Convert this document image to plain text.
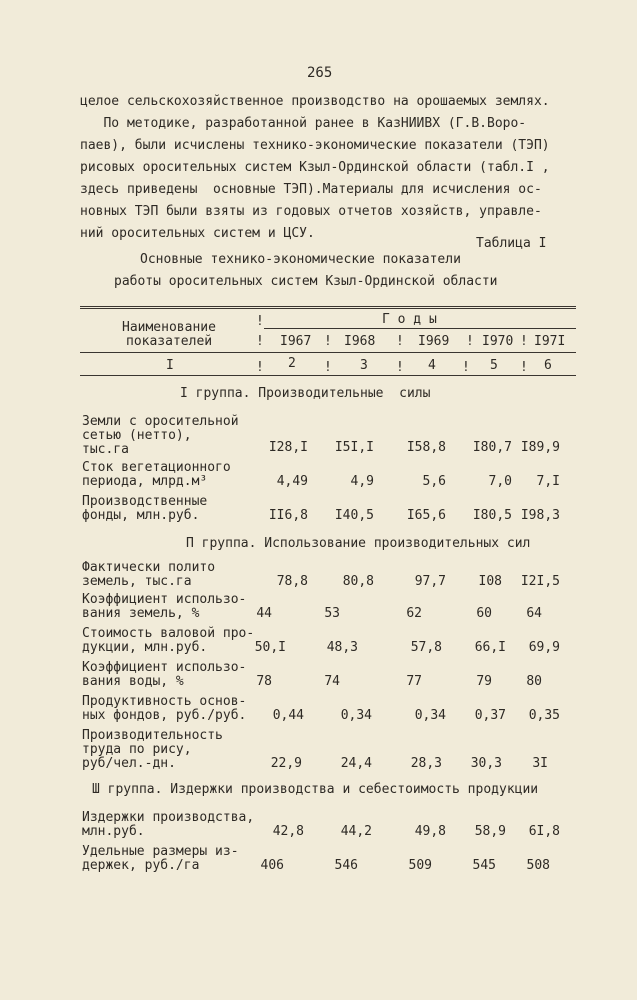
265
целое сельскохозяйственное производство на орошаемых землях.
По методике, разработанной ранее в КазНИИВХ (Г.В.Воро-
паев), были исчислены технико-экономические показатели (ТЭП)
рисовых оросительных систем Кзыл-Ординской области (табл.I ,
здесь приведены  основные ТЭП).Материалы для исчисления ос-
новных ТЭП были взяты из годовых отчетов хозяйств, управле-
ний оросительных систем и ЦСУ.
Таблица I
Основные технико-экономические показатели
работы оросительных систем Кзыл-Ординской области
Наименование
показателей
Г о д ы
!
!	!	!	!	!
I967	I968	I969	I970 I97I
I	! 2 ! 3 ! 4 ! 5 ! 6
I группа. Производительные  силы
Земли с оросительной
сетью (нетто),
тыс.га	I28,I	I5I,I	I58,8	I80,7 I89,9
Сток вегетационного
периода, млрд.м³	4,49	4,9	5,6	7,0	7,I
Производственные
фонды, млн.руб.	II6,8	I40,5	I65,6	I80,5 I98,3
П группа. Использование производительных сил
Фактически полито
земель, тыс.га	78,8	80,8	97,7	I08	I2I,5
Коэффициент использо-
вания земель, %	44	53	62	60	64
Стоимость валовой про-
дукции, млн.руб.	50,I	48,3	57,8	66,I	69,9
Коэффициент использо-
вания воды, %	78	74	77	79	80
Продуктивность основ-
ных фондов, руб./руб.	0,44	0,34	0,34	0,37	0,35
Производительность
труда по рису,
руб/чел.-дн.	22,9	24,4	28,3	30,3	3I
Ш группа. Издержки производства и себестоимость продукции
Издержки производства,
млн.руб.	42,8	44,2	49,8	58,9	6I,8
Удельные размеры из-
держек, руб./га	406	546	509	545	508
